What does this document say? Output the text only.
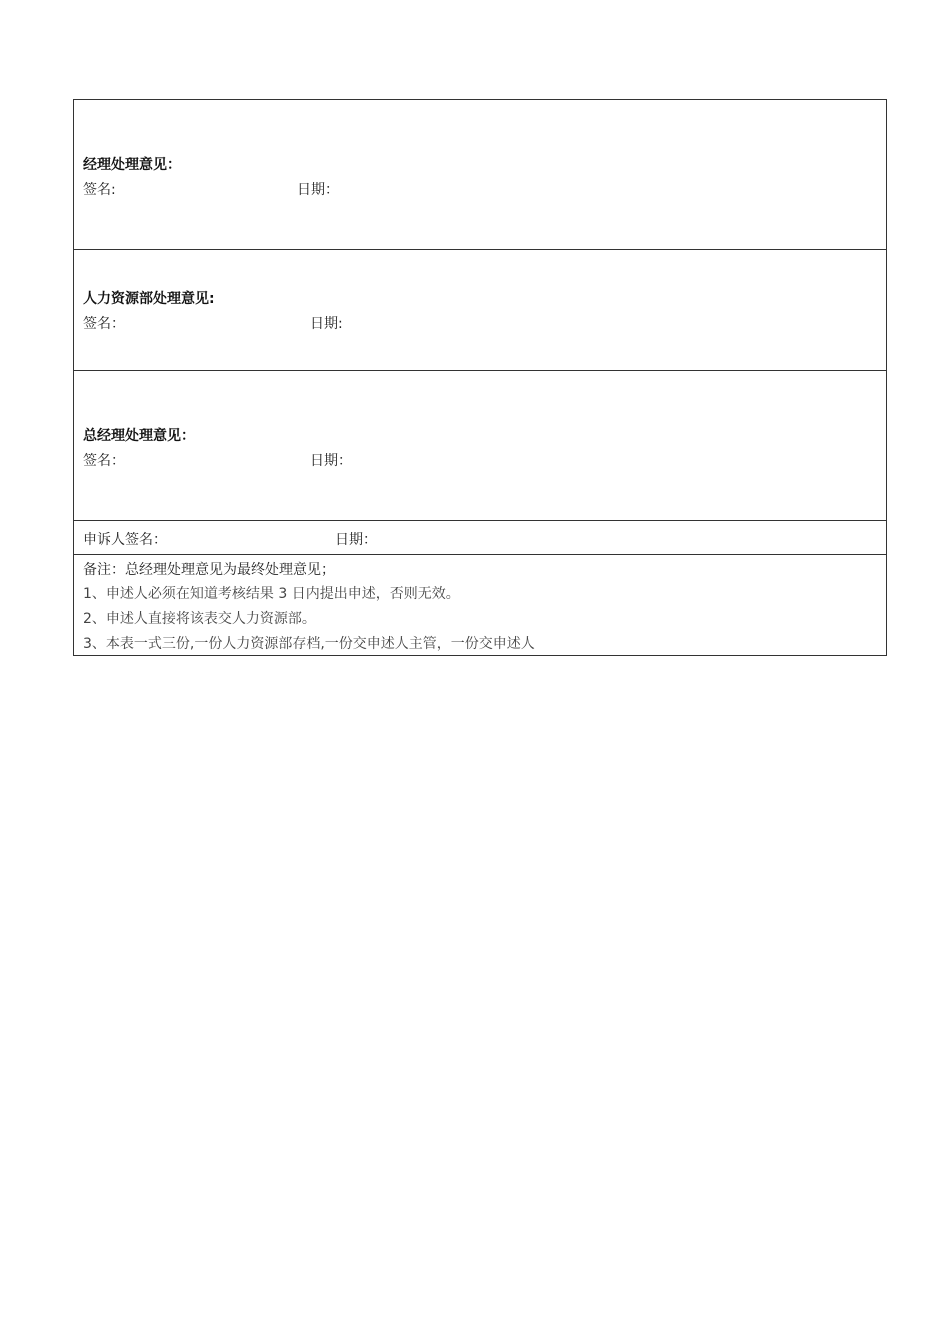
经理处理意见：
签名:	日期：
人力资源部处理意见:
签名：	日期:
总经理处理意见：
签名：	日期：
申诉人签名：	日期：
备注：总经理处理意见为最终处理意见；
1、申述人必须在知道考核结果 3 日内提出申述，否则无效。
2、申述人直接将该表交人力资源部。
3、本表一式三份,一份人力资源部存档,一份交申述人主管，一份交申述人
